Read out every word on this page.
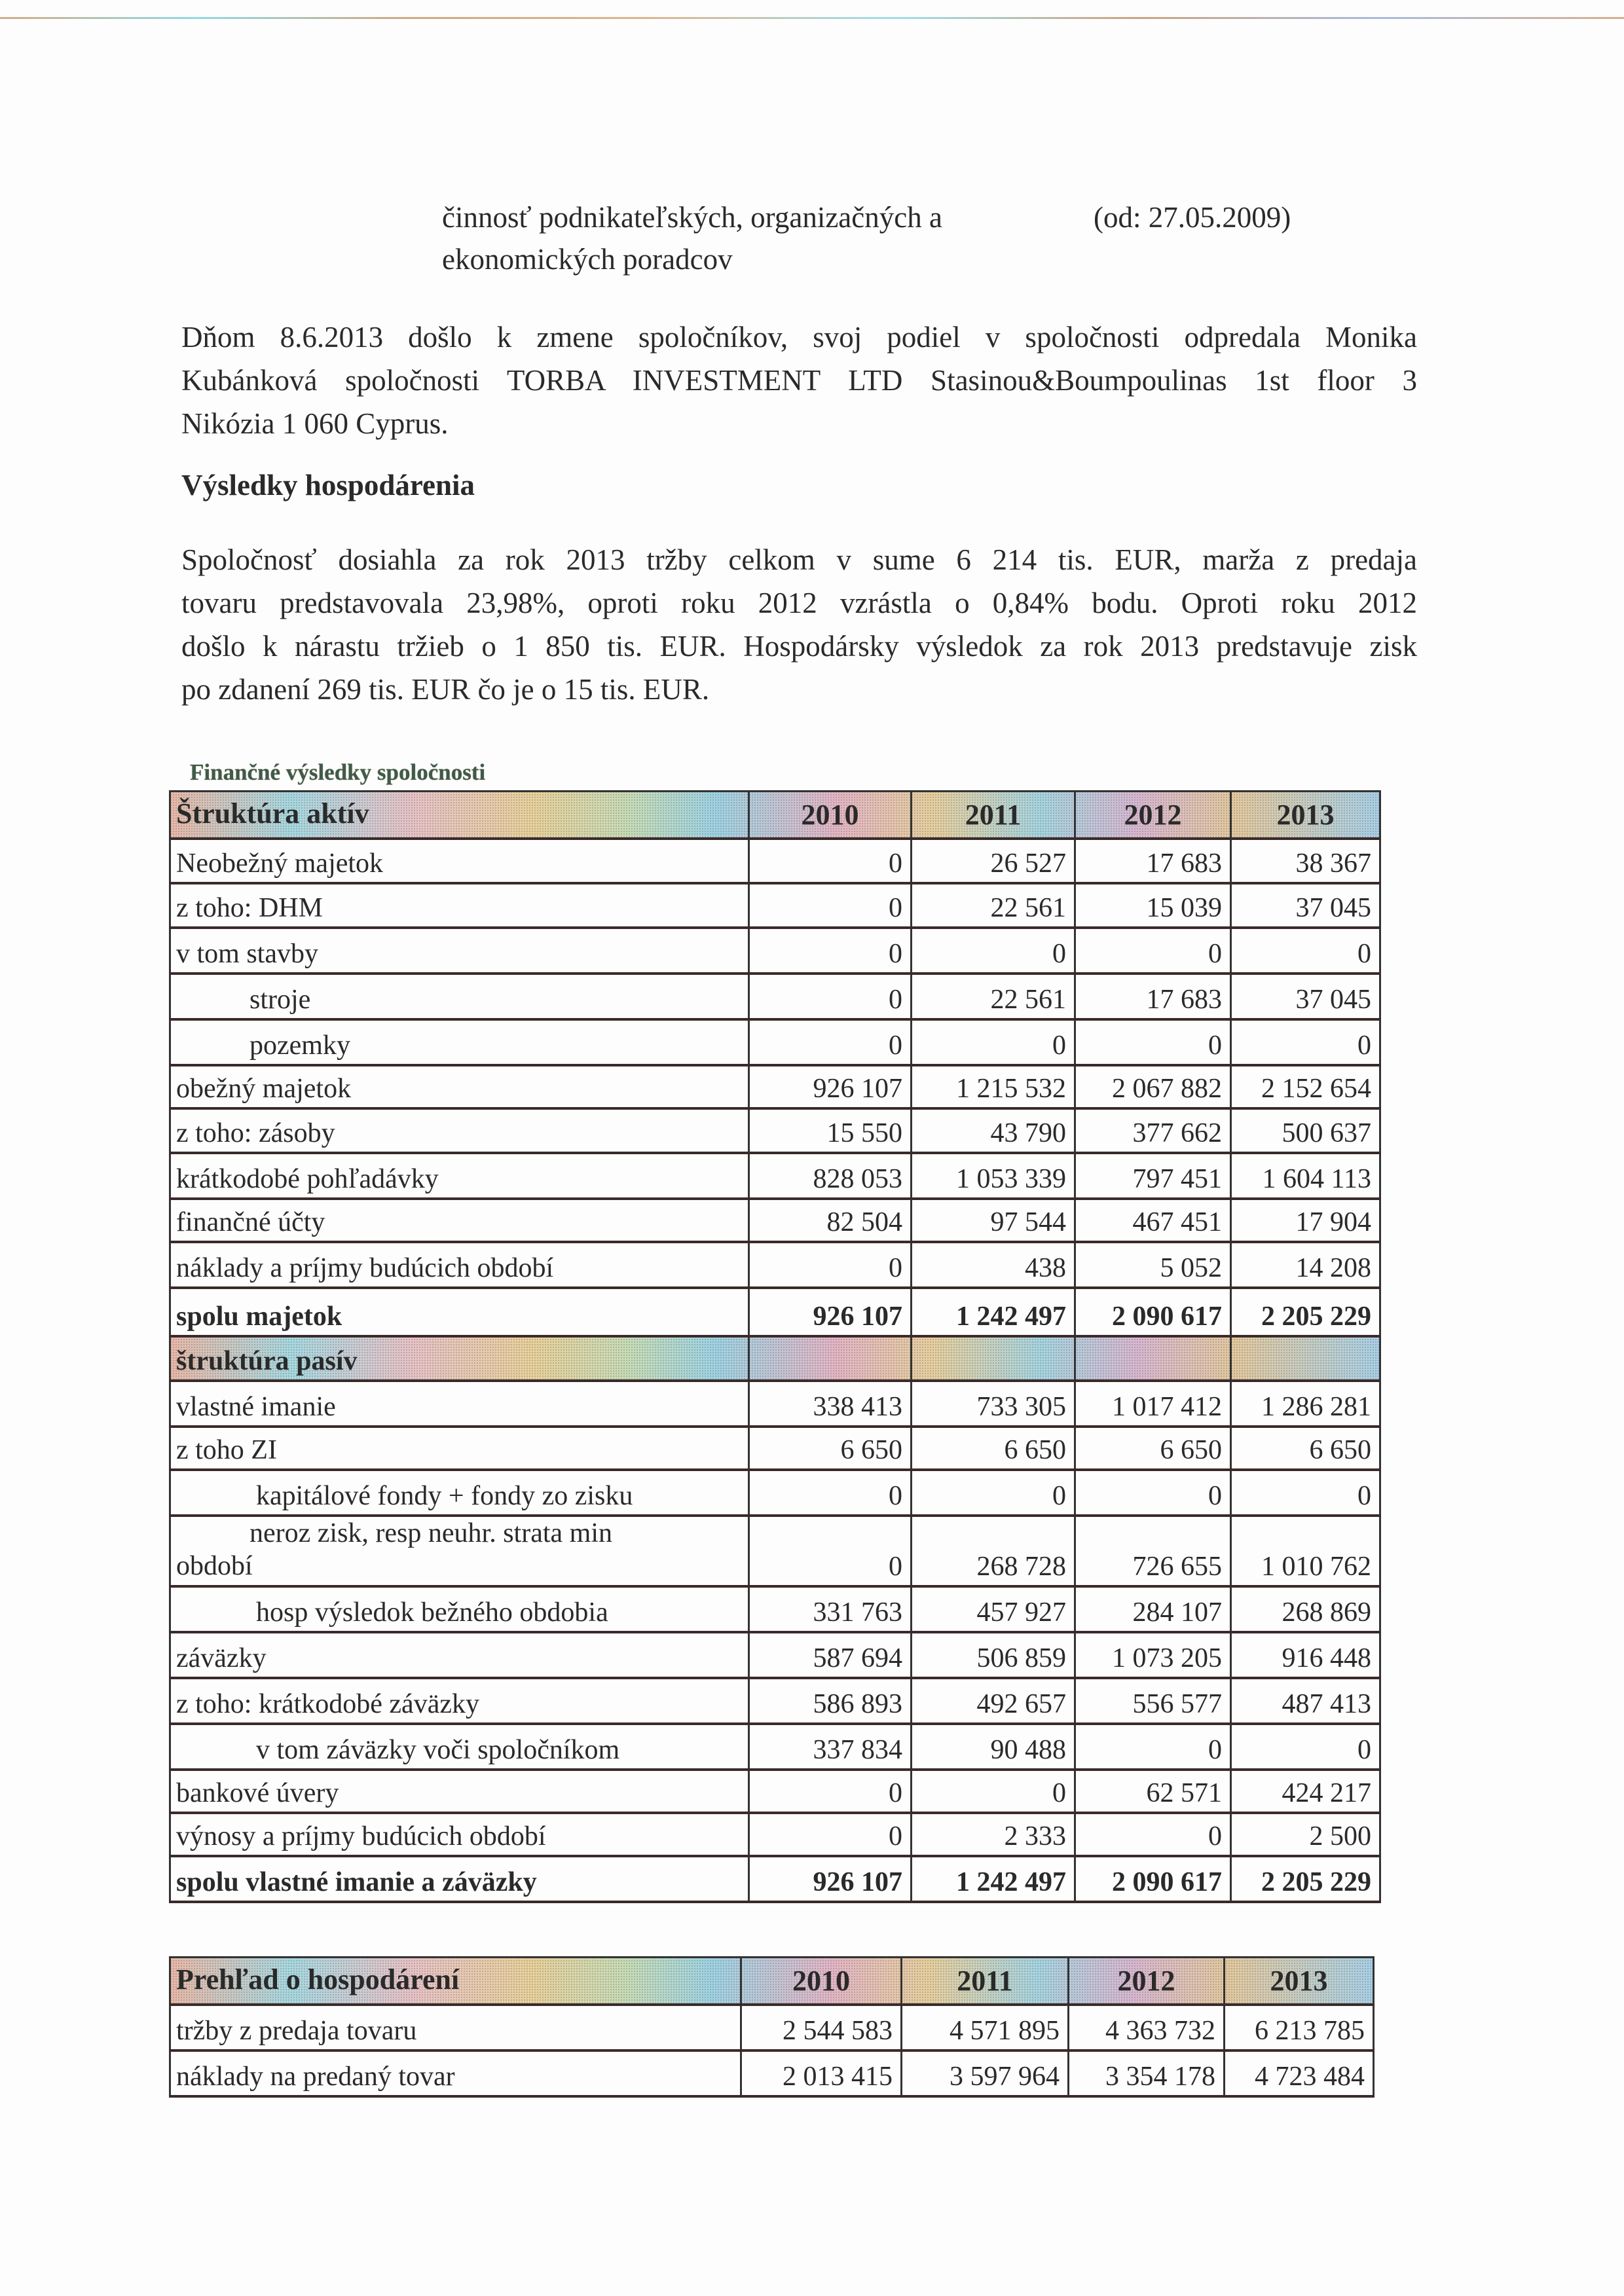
činnosť podnikateľských, organizačných a
ekonomických poradcov
(od: 27.05.2009)
Dňom 8.6.2013 došlo k zmene spoločníkov, svoj podiel v spoločnosti odpredala Monika
Kubánková spoločnosti TORBA INVESTMENT LTD Stasinou&Boumpoulinas 1st floor 3
Nikózia 1 060 Cyprus.
Výsledky hospodárenia
Spoločnosť dosiahla za rok 2013 tržby celkom v sume 6 214 tis. EUR, marža z predaja
tovaru predstavovala 23,98%, oproti roku 2012 vzrástla o 0,84% bodu. Oproti roku 2012
došlo k nárastu tržieb o 1 850 tis. EUR. Hospodársky výsledok za rok 2013 predstavuje zisk
po zdanení 269 tis. EUR čo je o 15 tis. EUR.
Finančné výsledky spoločnosti
Štruktúra aktív	2010	2011	2012	2013
Neobežný majetok	0	26 527	17 683	38 367
z toho: DHM	0	22 561	15 039	37 045
v tom stavby	0	0	0	0
stroje	0	22 561	17 683	37 045
pozemky	0	0	0	0
obežný majetok	926 107	1 215 532	2 067 882	2 152 654
z toho: zásoby	15 550	43 790	377 662	500 637
krátkodobé pohľadávky	828 053	1 053 339	797 451	1 604 113
finančné účty	82 504	97 544	467 451	17 904
náklady a príjmy budúcich období	0	438	5 052	14 208
spolu majetok	926 107	1 242 497	2 090 617	2 205 229
štruktúra pasív				
vlastné imanie	338 413	733 305	1 017 412	1 286 281
z toho ZI	6 650	6 650	6 650	6 650
kapitálové fondy + fondy zo zisku	0	0	0	0

neroz zisk, resp neuhr. strata min
období	0	268 728	726 655	1 010 762
hosp výsledok bežného obdobia	331 763	457 927	284 107	268 869
záväzky	587 694	506 859	1 073 205	916 448
z toho: krátkodobé záväzky	586 893	492 657	556 577	487 413
v tom záväzky voči spoločníkom	337 834	90 488	0	0
bankové úvery	0	0	62 571	424 217
výnosy a príjmy budúcich období	0	2 333	0	2 500
spolu vlastné imanie a záväzky	926 107	1 242 497	2 090 617	2 205 229
Prehľad o hospodárení	2010	2011	2012	2013
tržby z predaja tovaru	2 544 583	4 571 895	4 363 732	6 213 785
náklady na predaný tovar	2 013 415	3 597 964	3 354 178	4 723 484
